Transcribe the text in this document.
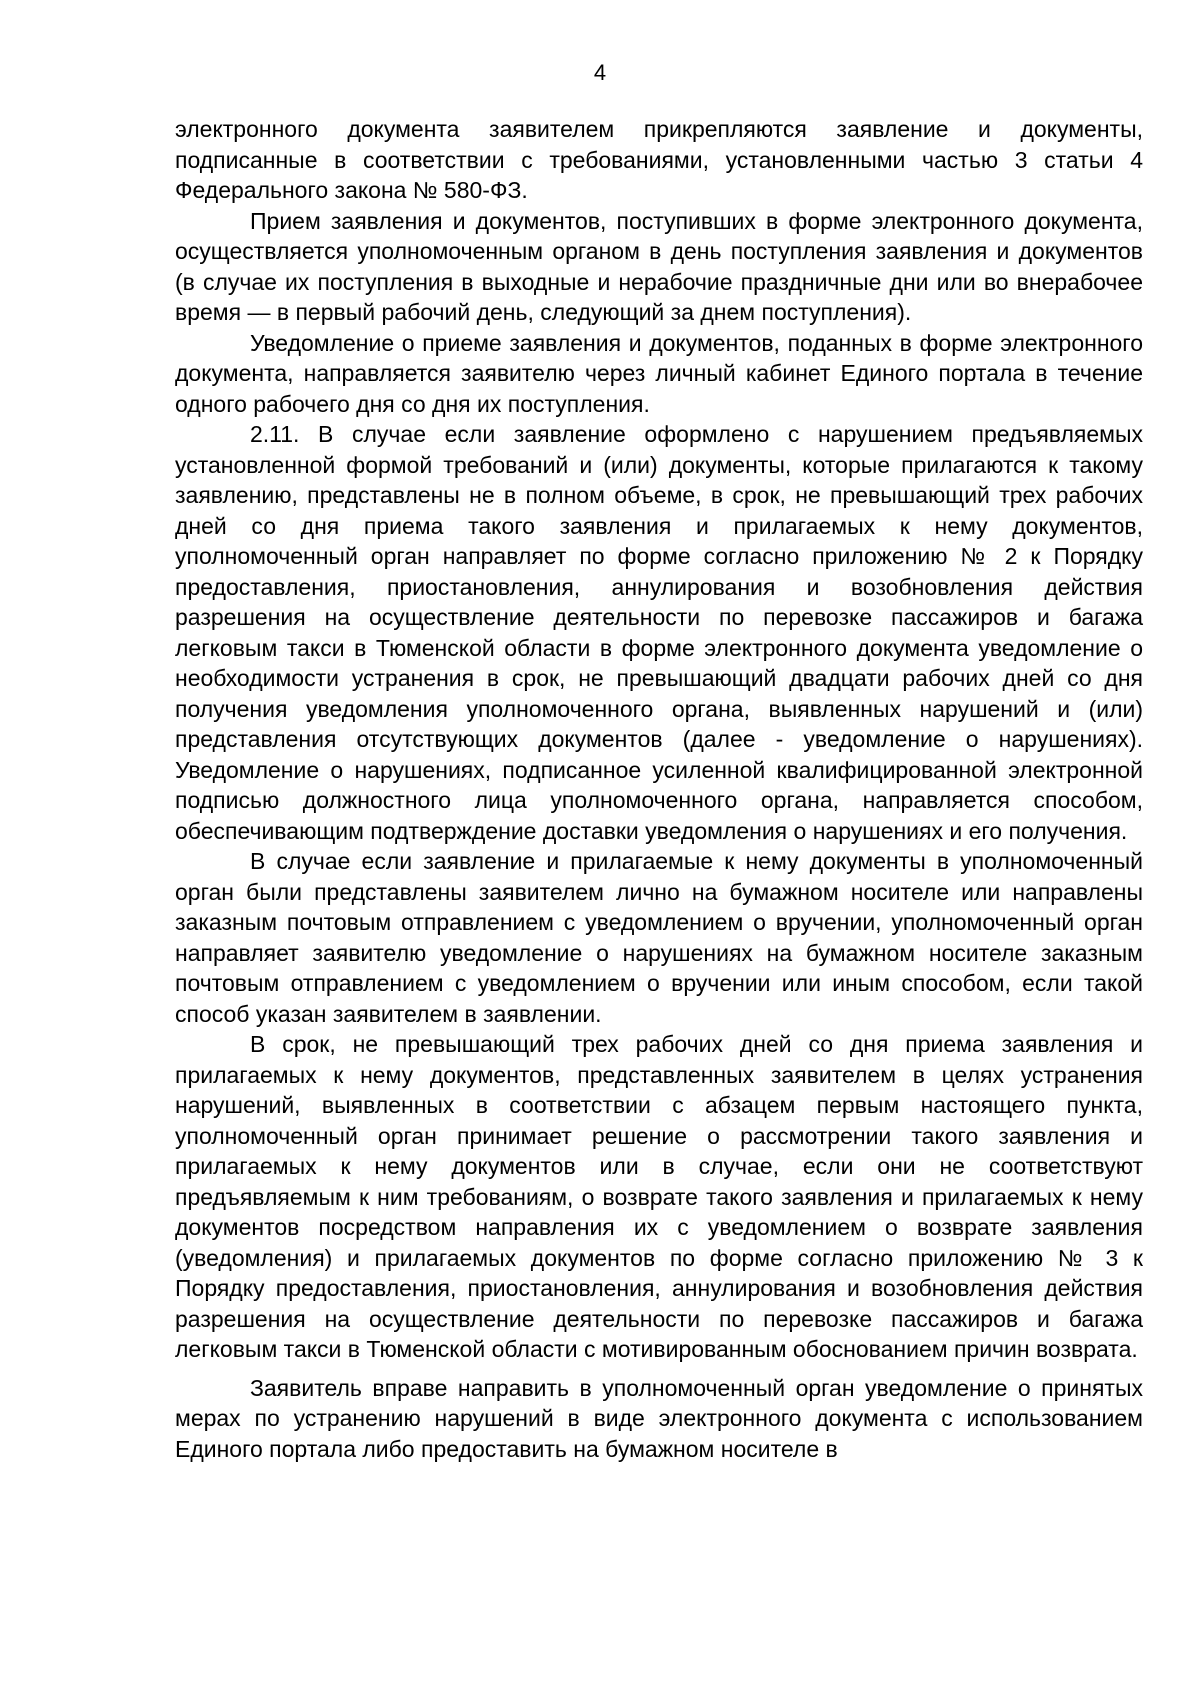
4

электронного документа заявителем прикрепляются заявление и документы, подписанные в соответствии с требованиями, установленными частью 3 статьи 4 Федерального закона № 580-ФЗ.

Прием заявления и документов, поступивших в форме электронного документа, осуществляется уполномоченным органом в день поступления заявления и документов (в случае их поступления в выходные и нерабочие праздничные дни или во внерабочее время — в первый рабочий день, следующий за днем поступления).

Уведомление о приеме заявления и документов, поданных в форме электронного документа, направляется заявителю через личный кабинет Единого портала в течение одного рабочего дня со дня их поступления.

2.11. В случае если заявление оформлено с нарушением предъявляемых установленной формой требований и (или) документы, которые прилагаются к такому заявлению, представлены не в полном объеме, в срок, не превышающий трех рабочих дней со дня приема такого заявления и прилагаемых к нему документов, уполномоченный орган направляет по форме согласно приложению № 2 к Порядку предоставления, приостановления, аннулирования и возобновления действия разрешения на осуществление деятельности по перевозке пассажиров и багажа легковым такси в Тюменской области в форме электронного документа уведомление о необходимости устранения в срок, не превышающий двадцати рабочих дней со дня получения уведомления уполномоченного органа, выявленных нарушений и (или) представления отсутствующих документов (далее - уведомление о нарушениях). Уведомление о нарушениях, подписанное усиленной квалифицированной электронной подписью должностного лица уполномоченного органа, направляется способом, обеспечивающим подтверждение доставки уведомления о нарушениях и его получения.

В случае если заявление и прилагаемые к нему документы в уполномоченный орган были представлены заявителем лично на бумажном носителе или направлены заказным почтовым отправлением с уведомлением о вручении, уполномоченный орган направляет заявителю уведомление о нарушениях на бумажном носителе заказным почтовым отправлением с уведомлением о вручении или иным способом, если такой способ указан заявителем в заявлении.

В срок, не превышающий трех рабочих дней со дня приема заявления и прилагаемых к нему документов, представленных заявителем в целях устранения нарушений, выявленных в соответствии с абзацем первым настоящего пункта, уполномоченный орган принимает решение о рассмотрении такого заявления и прилагаемых к нему документов или в случае, если они не соответствуют предъявляемым к ним требованиям, о возврате такого заявления и прилагаемых к нему документов посредством направления их с уведомлением о возврате заявления (уведомления) и прилагаемых документов по форме согласно приложению № 3 к Порядку предоставления, приостановления, аннулирования и возобновления действия разрешения на осуществление деятельности по перевозке пассажиров и багажа легковым такси в Тюменской области с мотивированным обоснованием причин возврата.

Заявитель вправе направить в уполномоченный орган уведомление о принятых мерах по устранению нарушений в виде электронного документа с использованием Единого портала либо предоставить на бумажном носителе в
